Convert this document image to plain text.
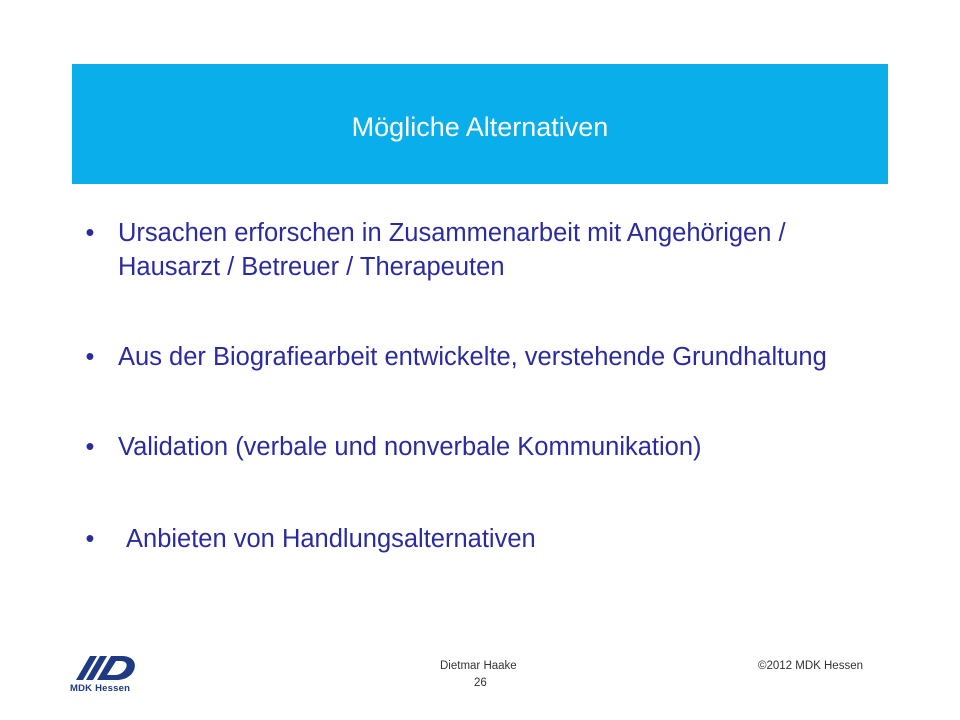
Mögliche Alternativen
• Ursachen erforschen in Zusammenarbeit mit Angehörigen / Hausarzt / Betreuer / Therapeuten
• Aus der Biografiearbeit entwickelte, verstehende Grundhaltung
• Validation (verbale und nonverbale Kommunikation)
• Anbieten von Handlungsalternativen
MDK Hessen
Dietmar Haake
26
©2012 MDK Hessen
